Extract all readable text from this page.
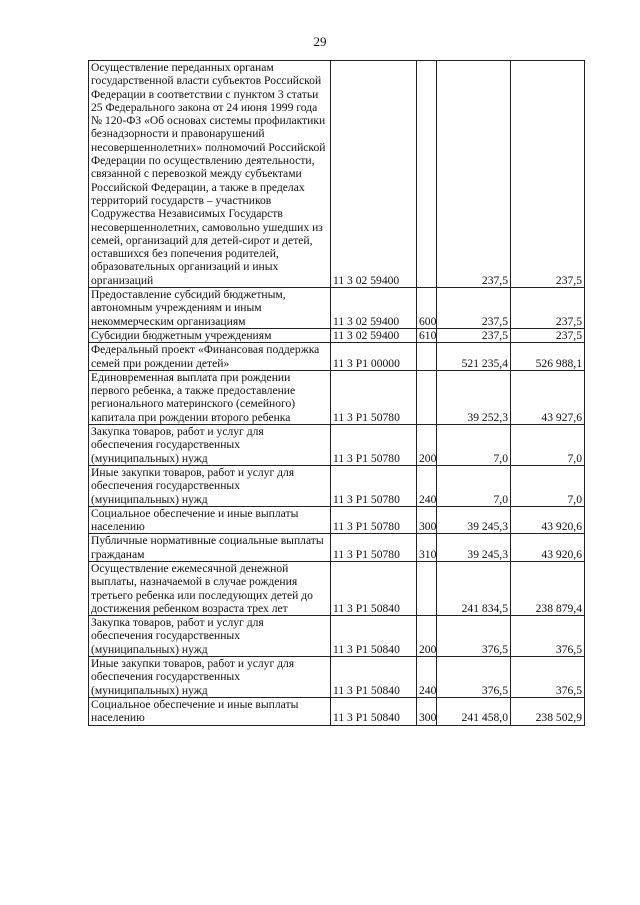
29
Осуществление переданных органам государственной власти субъектов Российской Федерации в соответствии с пунктом 3 статьи 25 Федерального закона от 24 июня 1999 года № 120-ФЗ «Об основах системы профилактики безнадзорности и правонарушений несовершеннолетних» полномочий Российской Федерации по осуществлению деятельности, связанной с перевозкой между субъектами Российской Федерации, а также в пределах территорий государств – участников Содружества Независимых Государств несовершеннолетних, самовольно ушедших из семей, организаций для детей-сирот и детей, оставшихся без попечения родителей, образовательных организаций и иных организаций	11 3 02 59400		237,5	237,5
Предоставление субсидий бюджетным, автономным учреждениям и иным некоммерческим организациям	11 3 02 59400	600	237,5	237,5
Субсидии бюджетным учреждениям	11 3 02 59400	610	237,5	237,5
Федеральный проект «Финансовая поддержка семей при рождении детей»	11 3 P1 00000		521 235,4	526 988,1
Единовременная выплата при рождении первого ребенка, а также предоставление регионального материнского (семейного) капитала при рождении второго ребенка	11 3 P1 50780		39 252,3	43 927,6
Закупка товаров, работ и услуг для обеспечения государственных (муниципальных) нужд	11 3 P1 50780	200	7,0	7,0
Иные закупки товаров, работ и услуг для обеспечения государственных (муниципальных) нужд	11 3 P1 50780	240	7,0	7,0
Социальное обеспечение и иные выплаты населению	11 3 P1 50780	300	39 245,3	43 920,6
Публичные нормативные социальные выплаты гражданам	11 3 P1 50780	310	39 245,3	43 920,6
Осуществление ежемесячной денежной выплаты, назначаемой в случае рождения третьего ребенка или последующих детей до достижения ребенком возраста трех лет	11 3 P1 50840		241 834,5	238 879,4
Закупка товаров, работ и услуг для обеспечения государственных (муниципальных) нужд	11 3 P1 50840	200	376,5	376,5
Иные закупки товаров, работ и услуг для обеспечения государственных (муниципальных) нужд	11 3 P1 50840	240	376,5	376,5
Социальное обеспечение и иные выплаты населению	11 3 P1 50840	300	241 458,0	238 502,9
